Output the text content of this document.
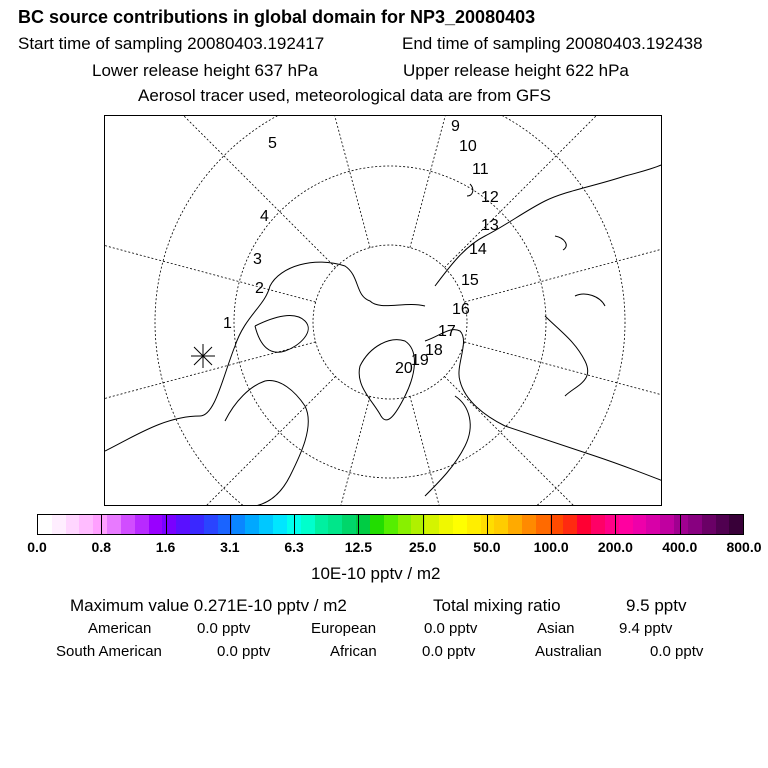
BC source contributions in global domain for NP3_20080403
Start time of sampling 20080403.192417	End time of sampling 20080403.192438
Lower release height 637 hPa	Upper release height 622 hPa
Aerosol tracer used, meteorological data are from GFS
1
2
3
4
5
9
10
11
12
13
14
15
16
17
18
19
20
0.0	0.8	1.6	3.1	6.3	12.5	25.0	50.0 100.0 200.0 400.0 800.0
10E-10 pptv / m2
Maximum value 0.271E-10 pptv / m2	Total mixing ratio	9.5 pptv
American	0.0 pptv	European	0.0 pptv	Asian	9.4 pptv
South American	0.0 pptv	African	0.0 pptv	Australian	0.0 pptv
